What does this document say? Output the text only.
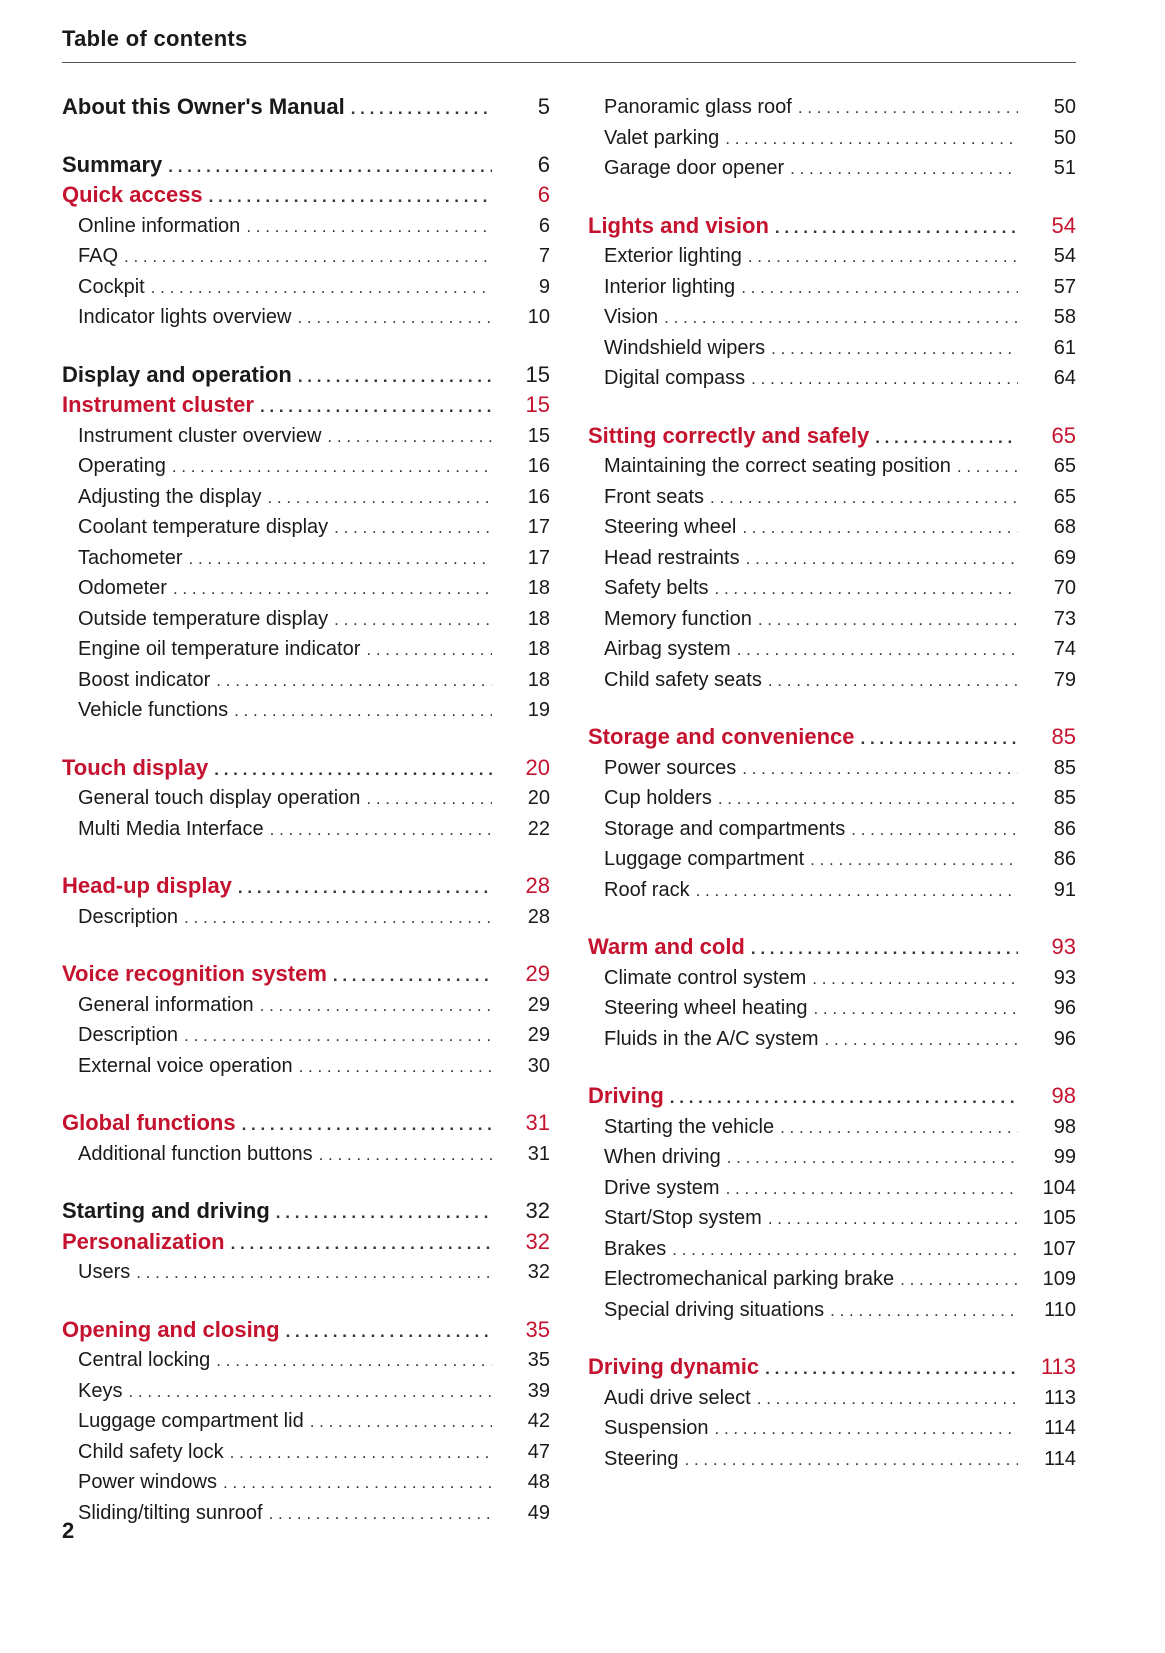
Table of contents
About this Owner's Manual . . .	5
Summary . . .	6
Quick access . . .	6
Online information . . .	6
FAQ . . .	7
Cockpit . . .	9
Indicator lights overview . . .	10
Display and operation . . .	15
Instrument cluster . . .	15
Instrument cluster overview . . .	15
Operating . . .	16
Adjusting the display . . .	16
Coolant temperature display . . .	17
Tachometer . . .	17
Odometer . . .	18
Outside temperature display . . .	18
Engine oil temperature indicator . . .	18
Boost indicator . . .	18
Vehicle functions . . .	19
Touch display . . .	20
General touch display operation . . .	20
Multi Media Interface . . .	22
Head-up display . . .	28
Description . . .	28
Voice recognition system . . .	29
General information . . .	29
Description . . .	29
External voice operation . . .	30
Global functions . . .	31
Additional function buttons . . .	31
Starting and driving . . .	32
Personalization . . .	32
Users . . .	32
Opening and closing . . .	35
Central locking . . .	35
Keys . . .	39
Luggage compartment lid . . .	42
Child safety lock . . .	47
Power windows . . .	48
Sliding/tilting sunroof . . .	49
Panoramic glass roof . . .	50
Valet parking . . .	50
Garage door opener . . .	51
Lights and vision . . .	54
Exterior lighting . . .	54
Interior lighting . . .	57
Vision . . .	58
Windshield wipers . . .	61
Digital compass . . .	64
Sitting correctly and safely . . .	65
Maintaining the correct seating position . . .	65
Front seats . . .	65
Steering wheel . . .	68
Head restraints . . .	69
Safety belts . . .	70
Memory function . . .	73
Airbag system . . .	74
Child safety seats . . .	79
Storage and convenience . . .	85
Power sources . . .	85
Cup holders . . .	85
Storage and compartments . . .	86
Luggage compartment . . .	86
Roof rack . . .	91
Warm and cold . . .	93
Climate control system . . .	93
Steering wheel heating . . .	96
Fluids in the A/C system . . .	96
Driving . . .	98
Starting the vehicle . . .	98
When driving . . .	99
Drive system . . .	104
Start/Stop system . . .	105
Brakes . . .	107
Electromechanical parking brake . . .	109
Special driving situations . . .	110
Driving dynamic . . .	113
Audi drive select . . .	113
Suspension . . .	114
Steering . . .	114
2
